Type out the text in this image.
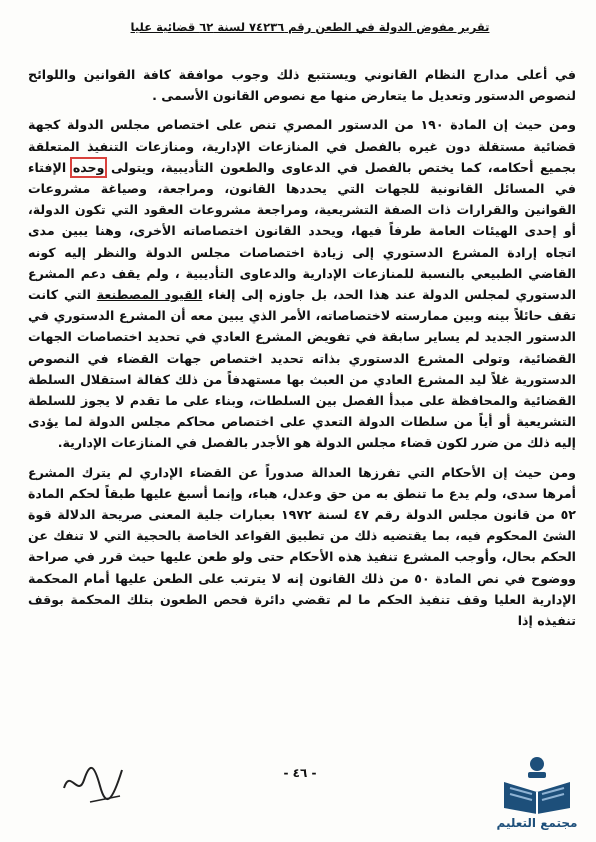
تقرير مفوض الدولة في الطعن رقم ٧٤٢٣٦ لسنة ٦٢ قضائية عليا

في أعلى مدارج النظام القانوني ويستتبع ذلك وجوب موافقة كافة القوانين واللوائح لنصوص الدستور وتعديل ما يتعارض منها مع نصوص القانون الأسمى .

ومن حيث إن المادة ١٩٠ من الدستور المصري تنص على اختصاص مجلس الدولة كجهة قضائية مستقلة دون غيره بالفصل في المنازعات الإدارية، ومنازعات التنفيذ المتعلقة بجميع أحكامه، كما يختص بالفصل في الدعاوى والطعون التأديبية، ويتولى وحده الإفتاء في المسائل القانونية للجهات التي يحددها القانون، ومراجعة، وصياغة مشروعات القوانين والقرارات ذات الصفة التشريعية، ومراجعة مشروعات العقود التي تكون الدولة، أو إحدى الهيئات العامة طرفاً فيها، ويحدد القانون اختصاصاته الأخرى، وهنا يبين مدى اتجاه إرادة المشرع الدستوري إلى زيادة اختصاصات مجلس الدولة والنظر إليه كونه القاضي الطبيعي بالنسبة للمنازعات الإدارية والدعاوى التأديبية ، ولم يقف دعم المشرع الدستوري لمجلس الدولة عند هذا الحد، بل جاوزه إلى إلغاء القيود المصطنعة التي كانت تقف حائلاً بينه وبين ممارسته لاختصاصاته، الأمر الذي يبين معه أن المشرع الدستوري في الدستور الجديد لم يساير سابقة في تفويض المشرع العادي في تحديد اختصاصات الجهات القضائية، وتولى المشرع الدستوري بذاته تحديد اختصاص جهات القضاء في النصوص الدستورية غلاً ليد المشرع العادي من العبث بها مستهدفاً من ذلك كفالة استقلال السلطة القضائية والمحافظة على مبدأ الفصل بين السلطات، وبناء على ما تقدم لا يجوز للسلطة التشريعية أو أياً من سلطات الدولة التعدي على اختصاص محاكم مجلس الدولة لما يؤدى إليه ذلك من ضرر لكون قضاء مجلس الدولة هو الأجدر بالفصل في المنازعات الإدارية.

ومن حيث إن الأحكام التي تفرزها العدالة صدوراً عن القضاء الإداري لم يترك المشرع أمرها سدى، ولم يدع ما تنطق به من حق وعدل، هباء، وإنما أسبغ عليها طبقاً لحكم المادة ٥٢ من قانون مجلس الدولة رقم ٤٧ لسنة ١٩٧٢ بعبارات جلية المعنى صريحة الدلالة قوة الشئ المحكوم فيه، بما يقتضيه ذلك من تطبيق القواعد الخاصة بالحجية التي لا تنفك عن الحكم بحال، وأوجب المشرع تنفيذ هذه الأحكام حتى ولو طعن عليها حيث قرر في صراحة ووضوح في نص المادة ٥٠ من ذلك القانون إنه لا يترتب على الطعن عليها أمام المحكمة الإدارية العليا وقف تنفيذ الحكم ما لم تقضي دائرة فحص الطعون بتلك المحكمة بوقف تنفيذه إذا

- ٤٦ -
مجتمع التعليم
